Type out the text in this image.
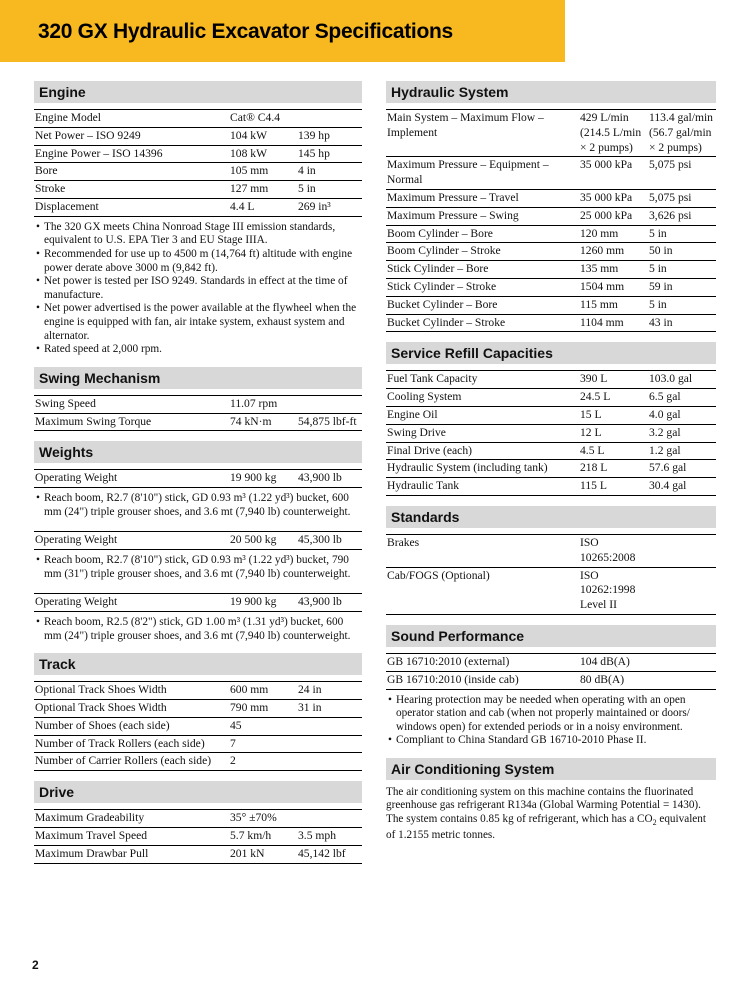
320 GX Hydraulic Excavator Specifications
Engine
Engine Model	Cat® C4.4	
Net Power – ISO 9249	104 kW	139 hp
Engine Power – ISO 14396	108 kW	145 hp
Bore	105 mm	4 in
Stroke	127 mm	5 in
Displacement	4.4 L	269 in³
• The 320 GX meets China Nonroad Stage III emission standards, equivalent to U.S. EPA Tier 3 and EU Stage IIIA.
• Recommended for use up to 4500 m (14,764 ft) altitude with engine power derate above 3000 m (9,842 ft).
• Net power is tested per ISO 9249. Standards in effect at the time of manufacture.
• Net power advertised is the power available at the flywheel when the engine is equipped with fan, air intake system, exhaust system and alternator.
• Rated speed at 2,000 rpm.
Swing Mechanism
Swing Speed	11.07 rpm	
Maximum Swing Torque	74 kN·m	54,875 lbf-ft
Weights
Operating Weight	19 900 kg	43,900 lb
• Reach boom, R2.7 (8'10") stick, GD 0.93 m³ (1.22 yd³) bucket, 600 mm (24") triple grouser shoes, and 3.6 mt (7,940 lb) counterweight.
Operating Weight	20 500 kg	45,300 lb
• Reach boom, R2.7 (8'10") stick, GD 0.93 m³ (1.22 yd³) bucket, 790 mm (31") triple grouser shoes, and 3.6 mt (7,940 lb) counterweight.
Operating Weight	19 900 kg	43,900 lb
• Reach boom, R2.5 (8'2") stick, GD 1.00 m³ (1.31 yd³) bucket, 600 mm (24") triple grouser shoes, and 3.6 mt (7,940 lb) counterweight.
Track
Optional Track Shoes Width	600 mm	24 in
Optional Track Shoes Width	790 mm	31 in
Number of Shoes (each side)	45	
Number of Track Rollers (each side)	7	
Number of Carrier Rollers (each side)	2	
Drive
Maximum Gradeability	35° ±70%	
Maximum Travel Speed	5.7 km/h	3.5 mph
Maximum Drawbar Pull	201 kN	45,142 lbf
Hydraulic System
Main System – Maximum Flow – Implement	429 L/min (214.5 L/min × 2 pumps)	113.4 gal/min (56.7 gal/min × 2 pumps)
Maximum Pressure – Equipment – Normal	35 000 kPa	5,075 psi
Maximum Pressure – Travel	35 000 kPa	5,075 psi
Maximum Pressure – Swing	25 000 kPa	3,626 psi
Boom Cylinder – Bore	120 mm	5 in
Boom Cylinder – Stroke	1260 mm	50 in
Stick Cylinder – Bore	135 mm	5 in
Stick Cylinder – Stroke	1504 mm	59 in
Bucket Cylinder – Bore	115 mm	5 in
Bucket Cylinder – Stroke	1104 mm	43 in
Service Refill Capacities
Fuel Tank Capacity	390 L	103.0 gal
Cooling System	24.5 L	6.5 gal
Engine Oil	15 L	4.0 gal
Swing Drive	12 L	3.2 gal
Final Drive (each)	4.5 L	1.2 gal
Hydraulic System (including tank)	218 L	57.6 gal
Hydraulic Tank	115 L	30.4 gal
Standards
Brakes	ISO 10265:2008	
Cab/FOGS (Optional)	ISO 10262:1998 Level II	
Sound Performance
GB 16710:2010 (external)	104 dB(A)	
GB 16710:2010 (inside cab)	80 dB(A)	
• Hearing protection may be needed when operating with an open operator station and cab (when not properly maintained or doors/ windows open) for extended periods or in a noisy environment.
• Compliant to China Standard GB 16710-2010 Phase II.
Air Conditioning System
The air conditioning system on this machine contains the fluorinated greenhouse gas refrigerant R134a (Global Warming Potential = 1430). The system contains 0.85 kg of refrigerant, which has a $CO_2$ equivalent of 1.2155 metric tonnes.
2
